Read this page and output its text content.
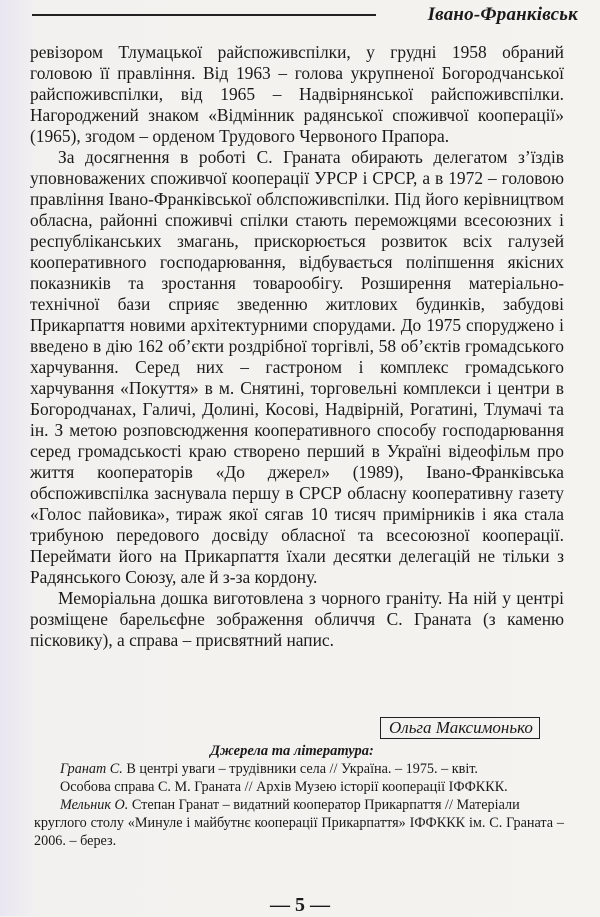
Івано-Франківськ

ревізором Тлумацької райспоживспілки, у грудні 1958 обраний головою її правління. Від 1963 – голова укрупненої Богородчанської райспоживспілки, від 1965 – Надвірнянської райспоживспілки. Нагороджений знаком «Відмінник радянської споживчої кооперації» (1965), згодом – орденом Трудового Червоного Прапора.

За досягнення в роботі С. Граната обирають делегатом з’їздів уповноважених споживчої кооперації УРСР і СРСР, а в 1972 – головою правління Івано-Франківської облспоживспілки. Під його керівництвом обласна, районні споживчі спілки стають переможцями всесоюзних і республіканських змагань, прискорюється розвиток всіх галузей кооперативного господарювання, відбувається поліпшення якісних показників та зростання товарообігу. Розширення матеріально-технічної бази сприяє зведенню житлових будинків, забудові Прикарпаття новими архітектурними спорудами. До 1975 споруджено і введено в дію 162 об’єкти роздрібної торгівлі, 58 об’єктів громадського харчування. Серед них – гастроном і комплекс громадського харчування «Покуття» в м. Снятині, торговельні комплекси і центри в Богородчанах, Галичі, Долині, Косові, Надвірній, Рогатині, Тлумачі та ін. З метою розповсюдження кооперативного способу господарювання серед громадськості краю створено перший в Україні відеофільм про життя кооператорів «До джерел» (1989), Івано-Франківська обспоживспілка заснувала першу в СРСР обласну кооперативну газету «Голос пайовика», тираж якої сягав 10 тисяч примірників і яка стала трибуною передового досвіду обласної та всесоюзної кооперації. Переймати його на Прикарпаття їхали десятки делегацій не тільки з Радянського Союзу, але й з-за кордону.

Меморіальна дошка виготовлена з чорного граніту. На ній у центрі розміщене барельєфне зображення обличчя С. Граната (з каменю пісковику), а справа – присвятний напис.

Ольга Максимонько
Джерела та література:

Гранат С. В центрі уваги – трудівники села // Україна. – 1975. – квіт.

Особова справа С. М. Граната // Архів Музею історії кооперації ІФФККК.

Мельник О. Степан Гранат – видатний кооператор Прикарпаття // Матеріали

круглого столу «Минуле і майбутнє кооперації Прикарпаття» ІФФККК ім. С. Граната – 2006. – берез.

— 5 —
